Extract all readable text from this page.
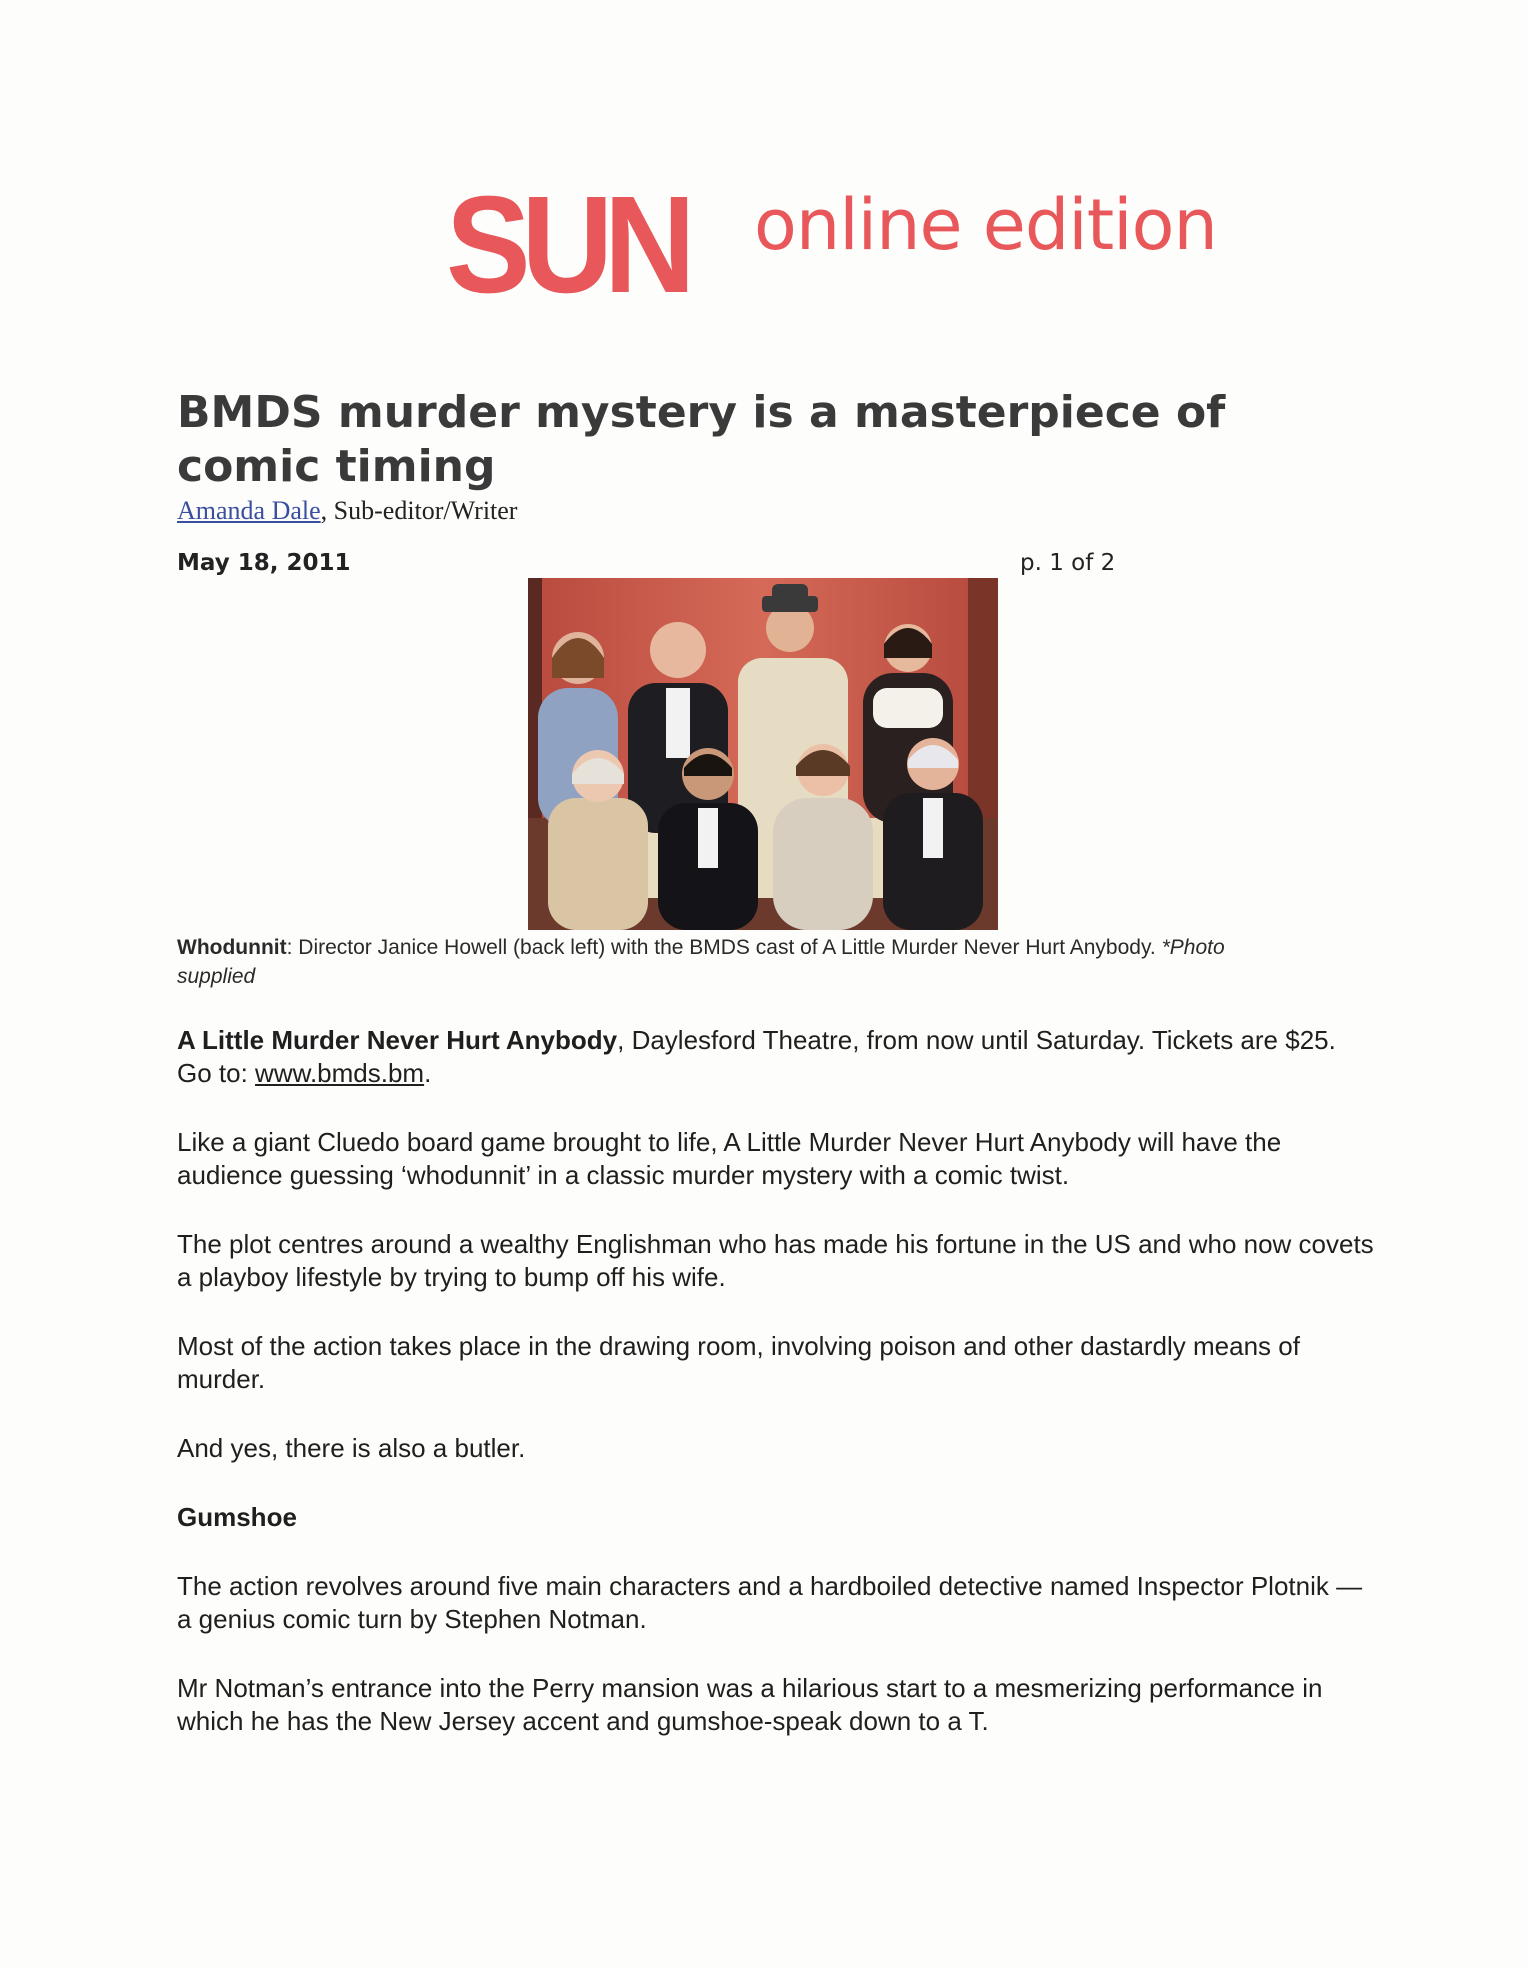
SUN online edition
BMDS murder mystery is a masterpiece of comic timing

Amanda Dale, Sub-editor/Writer

May 18, 2011	p. 1 of 2

Whodunnit: Director Janice Howell (back left) with the BMDS cast of A Little Murder Never Hurt Anybody. *Photo supplied

A Little Murder Never Hurt Anybody, Daylesford Theatre, from now until Saturday. Tickets are $25. Go to: www.bmds.bm.

Like a giant Cluedo board game brought to life, A Little Murder Never Hurt Anybody will have the audience guessing ‘whodunnit’ in a classic murder mystery with a comic twist.

The plot centres around a wealthy Englishman who has made his fortune in the US and who now covets a playboy lifestyle by trying to bump off his wife.

Most of the action takes place in the drawing room, involving poison and other dastardly means of murder.

And yes, there is also a butler.

Gumshoe

The action revolves around five main characters and a hardboiled detective named Inspector Plotnik — a genius comic turn by Stephen Notman.

Mr Notman’s entrance into the Perry mansion was a hilarious start to a mesmerizing performance in which he has the New Jersey accent and gumshoe-speak down to a T.
